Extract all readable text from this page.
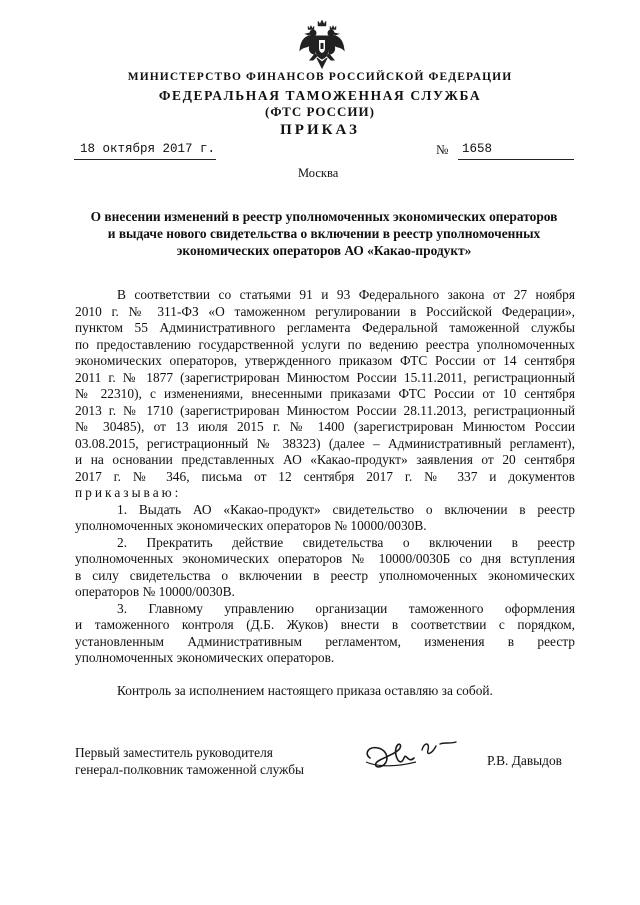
МИНИСТЕРСТВО ФИНАНСОВ РОССИЙСКОЙ ФЕДЕРАЦИИ
ФЕДЕРАЛЬНАЯ ТАМОЖЕННАЯ СЛУЖБА
(ФТС РОССИИ)
ПРИКАЗ
18 октября 2017 г.	№ 1658
Москва
О внесении изменений в реестр уполномоченных экономических операторов
и выдаче нового свидетельства о включении в реестр уполномоченных
экономических операторов АО «Какао-продукт»
В соответствии со статьями 91 и 93 Федерального закона от 27 ноября
2010 г. № 311-ФЗ «О таможенном регулировании в Российской Федерации»,
пунктом 55 Административного регламента Федеральной таможенной службы
по предоставлению государственной услуги по ведению реестра уполномоченных
экономических операторов, утвержденного приказом ФТС России от 14 сентября
2011 г. № 1877 (зарегистрирован Минюстом России 15.11.2011, регистрационный
№ 22310), с изменениями, внесенными приказами ФТС России от 10 сентября
2013 г. № 1710 (зарегистрирован Минюстом России 28.11.2013, регистрационный
№ 30485), от 13 июля 2015 г. № 1400 (зарегистрирован Минюстом России
03.08.2015, регистрационный № 38323) (далее – Административный регламент),
и на основании представленных АО «Какао-продукт» заявления от 20 сентября
2017 г. № 346, письма от 12 сентября 2017 г. № 337 и документов
приказываю:
1. Выдать АО «Какао-продукт» свидетельство о включении в реестр
уполномоченных экономических операторов № 10000/0030В.
2. Прекратить действие свидетельства о включении в реестр
уполномоченных экономических операторов № 10000/0030Б со дня вступления
в силу свидетельства о включении в реестр уполномоченных экономических
операторов № 10000/0030В.
3. Главному управлению организации таможенного оформления
и таможенного контроля (Д.Б. Жуков) внести в соответствии с порядком,
установленным Административным регламентом, изменения в реестр
уполномоченных экономических операторов.
Контроль за исполнением настоящего приказа оставляю за собой.
Первый заместитель руководителя
генерал-полковник таможенной службы
Р.В. Давыдов
